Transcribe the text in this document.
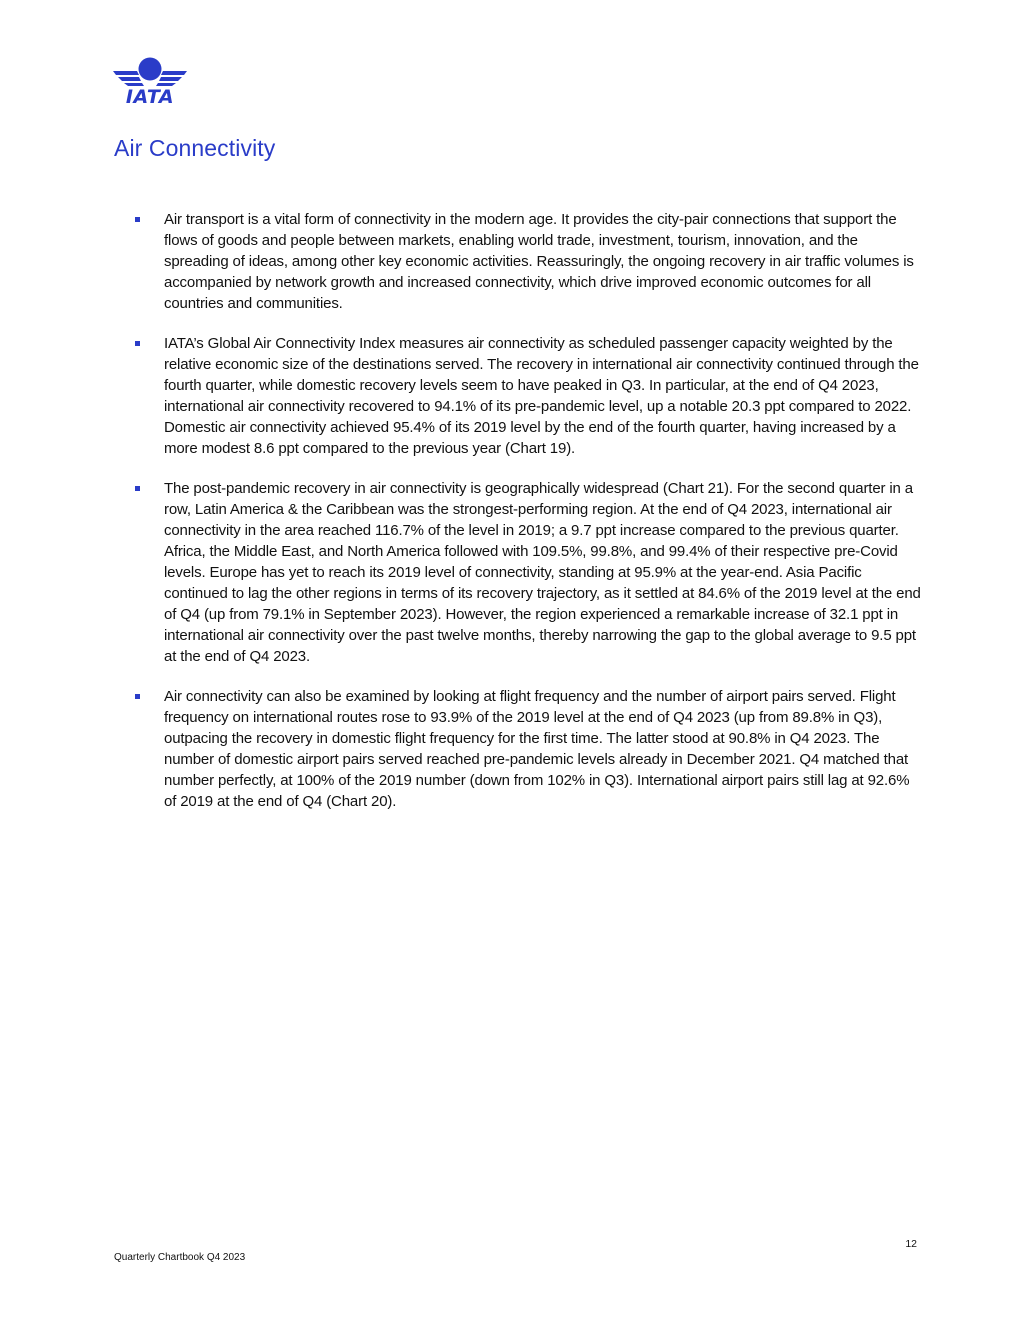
IATA
Air Connectivity
Air transport is a vital form of connectivity in the modern age. It provides the city-pair connections that support the flows of goods and people between markets, enabling world trade, investment, tourism, innovation, and the spreading of ideas, among other key economic activities. Reassuringly, the ongoing recovery in air traffic volumes is accompanied by network growth and increased connectivity, which drive improved economic outcomes for all countries and communities.
IATA’s Global Air Connectivity Index measures air connectivity as scheduled passenger capacity weighted by the relative economic size of the destinations served. The recovery in international air connectivity continued through the fourth quarter, while domestic recovery levels seem to have peaked in Q3. In particular, at the end of Q4 2023, international air connectivity recovered to 94.1% of its pre-pandemic level, up a notable 20.3 ppt compared to 2022. Domestic air connectivity achieved 95.4% of its 2019 level by the end of the fourth quarter, having increased by a more modest 8.6 ppt compared to the previous year (Chart 19).
The post-pandemic recovery in air connectivity is geographically widespread (Chart 21). For the second quarter in a row, Latin America & the Caribbean was the strongest-performing region. At the end of Q4 2023, international air connectivity in the area reached 116.7% of the level in 2019; a 9.7 ppt increase compared to the previous quarter. Africa, the Middle East, and North America followed with 109.5%, 99.8%, and 99.4% of their respective pre-Covid levels. Europe has yet to reach its 2019 level of connectivity, standing at 95.9% at the year-end. Asia Pacific continued to lag the other regions in terms of its recovery trajectory, as it settled at 84.6% of the 2019 level at the end of Q4 (up from 79.1% in September 2023). However, the region experienced a remarkable increase of 32.1 ppt in international air connectivity over the past twelve months, thereby narrowing the gap to the global average to 9.5 ppt at the end of Q4 2023.
Air connectivity can also be examined by looking at flight frequency and the number of airport pairs served. Flight frequency on international routes rose to 93.9% of the 2019 level at the end of Q4 2023 (up from 89.8% in Q3), outpacing the recovery in domestic flight frequency for the first time. The latter stood at 90.8% in Q4 2023. The number of domestic airport pairs served reached pre-pandemic levels already in December 2021. Q4 matched that number perfectly, at 100% of the 2019 number (down from 102% in Q3). International airport pairs still lag at 92.6% of 2019 at the end of Q4 (Chart 20).
12
Quarterly Chartbook Q4 2023
